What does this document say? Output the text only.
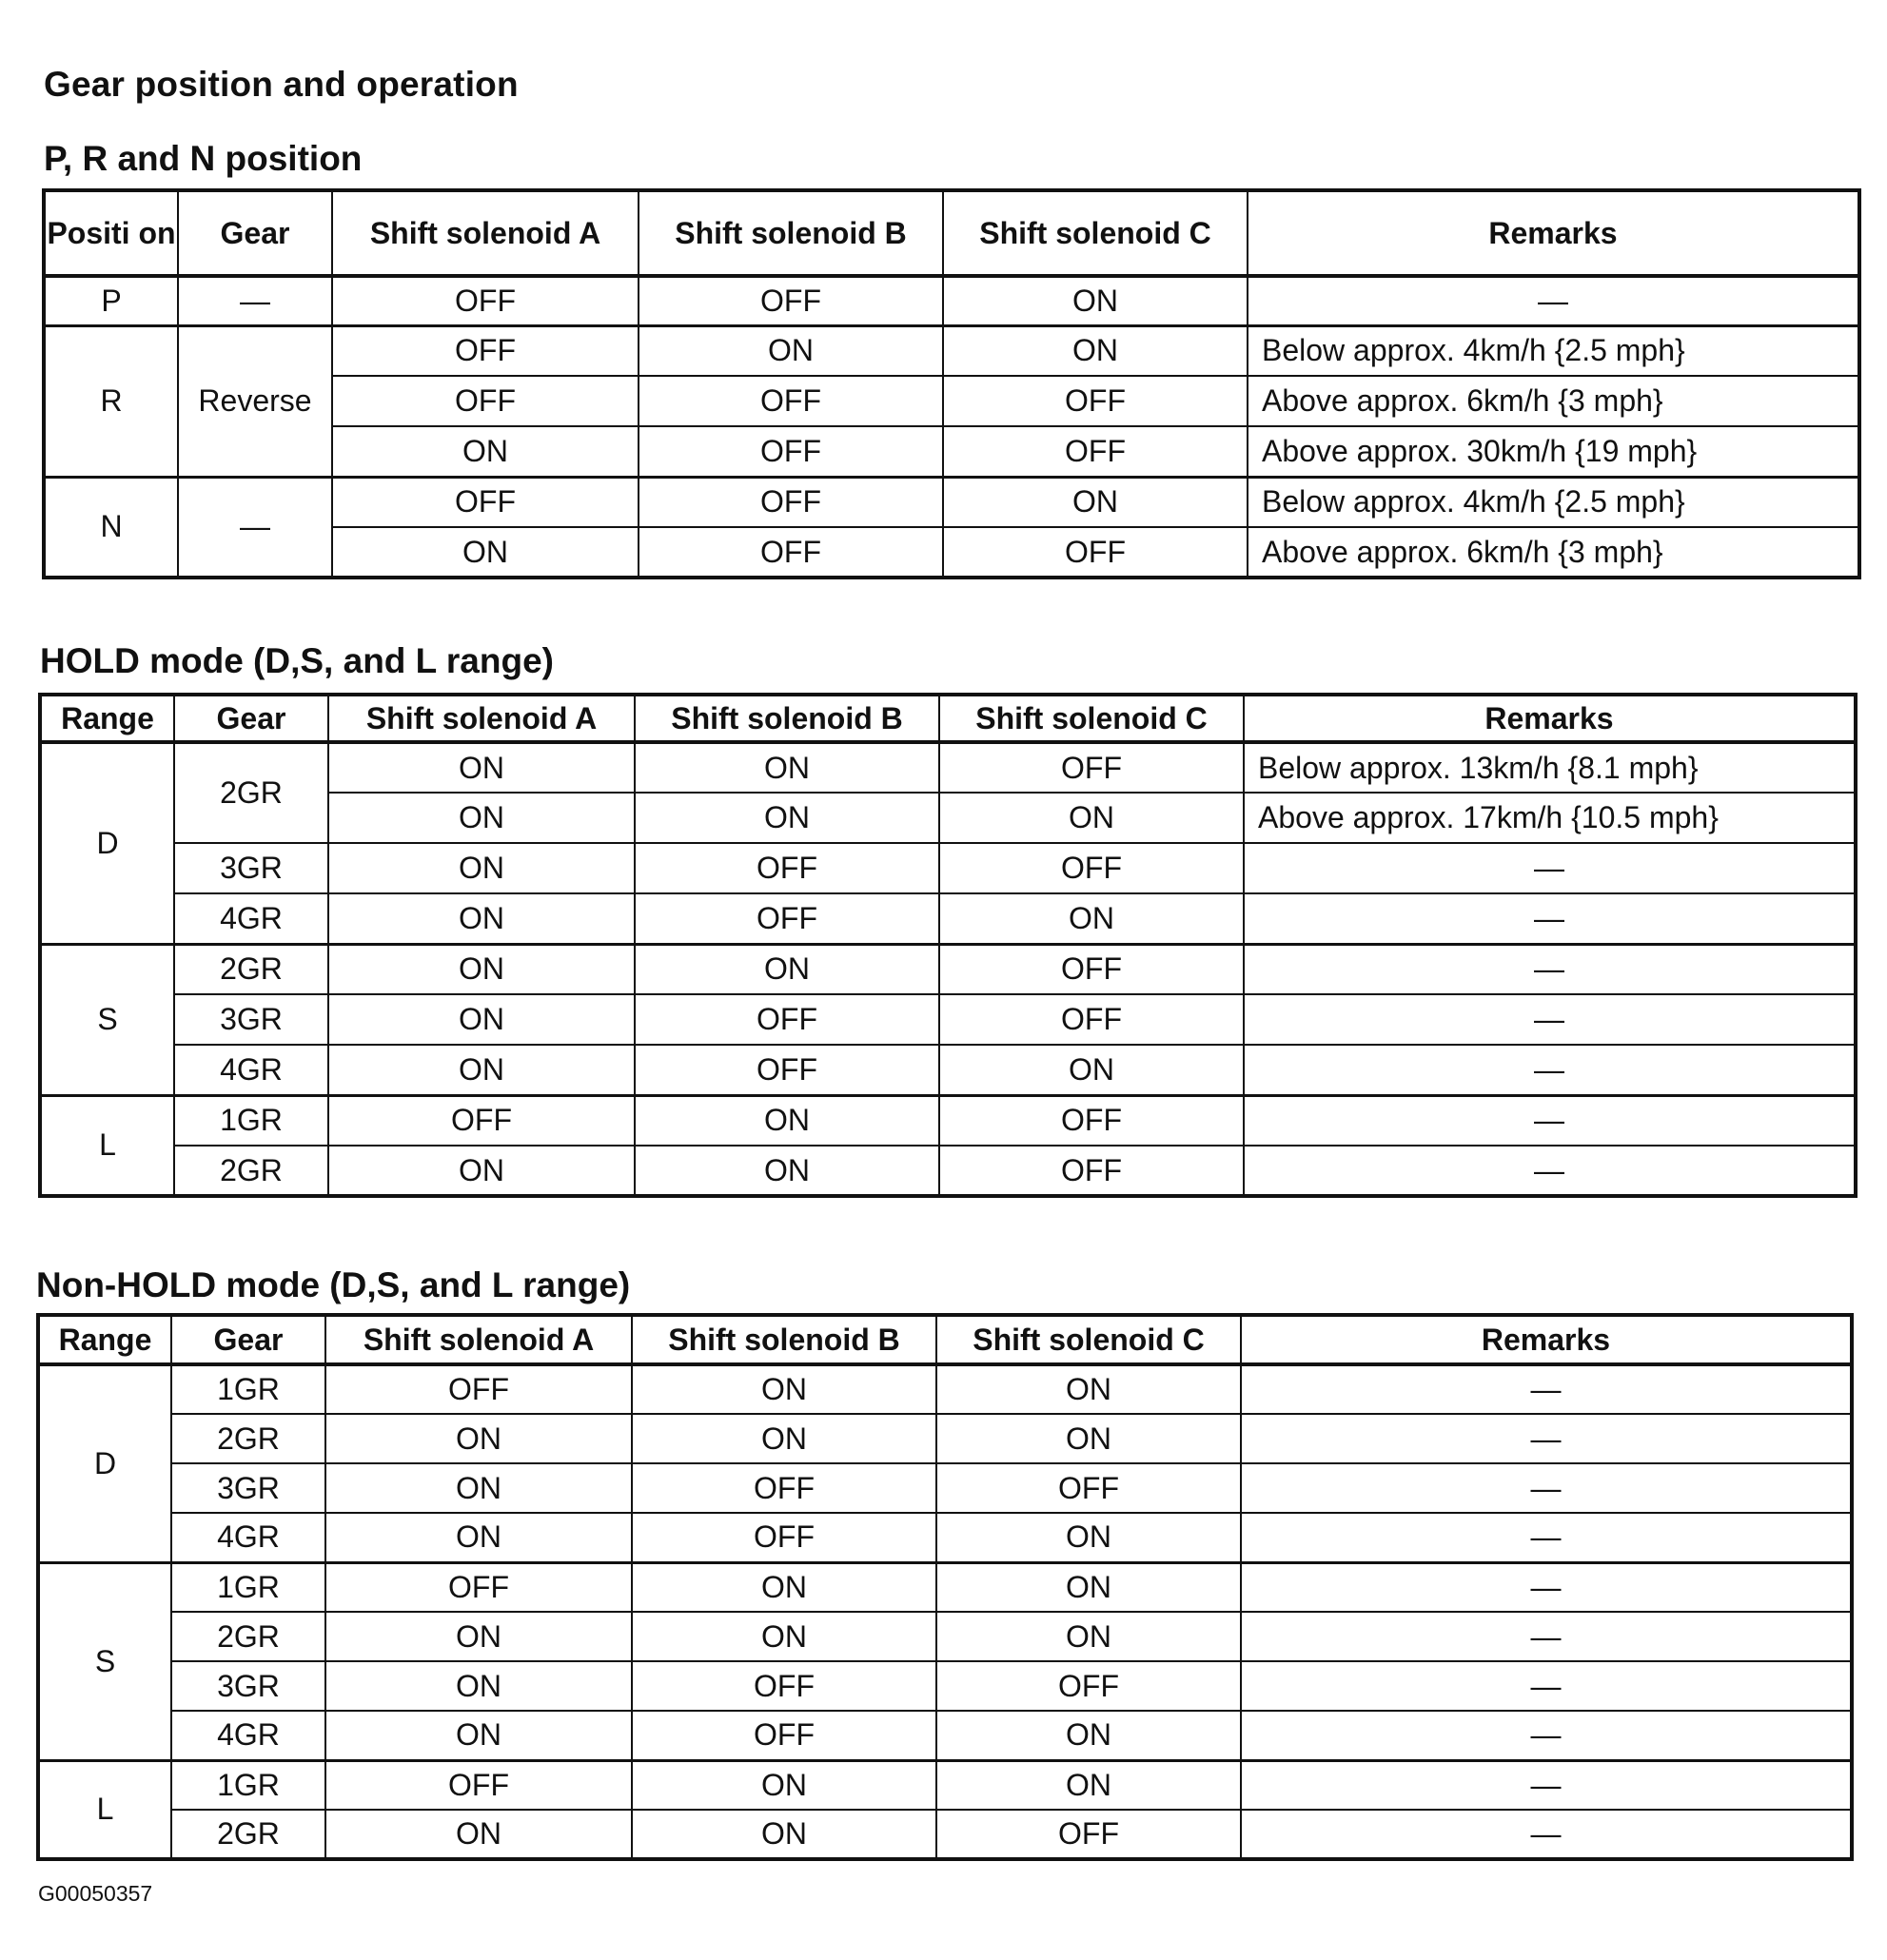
Gear position and operation
P, R and N position
Positi on	Gear	Shift solenoid A	Shift solenoid B	Shift solenoid C	Remarks
P	—	OFF	OFF	ON	—
R	Reverse	OFF	ON	ON	Below approx. 4km/h {2.5 mph}
		OFF	OFF	OFF	Above approx. 6km/h {3 mph}
		ON	OFF	OFF	Above approx. 30km/h {19 mph}
N	—	OFF	OFF	ON	Below approx. 4km/h {2.5 mph}
		ON	OFF	OFF	Above approx. 6km/h {3 mph}
HOLD mode (D,S, and L range)
Range	Gear	Shift solenoid A	Shift solenoid B	Shift solenoid C	Remarks
D	2GR	ON	ON	OFF	Below approx. 13km/h {8.1 mph}
		ON	ON	ON	Above approx. 17km/h {10.5 mph}
	3GR	ON	OFF	OFF	—
	4GR	ON	OFF	ON	—
S	2GR	ON	ON	OFF	—
	3GR	ON	OFF	OFF	—
	4GR	ON	OFF	ON	—
L	1GR	OFF	ON	OFF	—
	2GR	ON	ON	OFF	—
Non-HOLD mode (D,S, and L range)
Range	Gear	Shift solenoid A	Shift solenoid B	Shift solenoid C	Remarks
D	1GR	OFF	ON	ON	—
	2GR	ON	ON	ON	—
	3GR	ON	OFF	OFF	—
	4GR	ON	OFF	ON	—
S	1GR	OFF	ON	ON	—
	2GR	ON	ON	ON	—
	3GR	ON	OFF	OFF	—
	4GR	ON	OFF	ON	—
L	1GR	OFF	ON	ON	—
	2GR	ON	ON	OFF	—
G00050357
